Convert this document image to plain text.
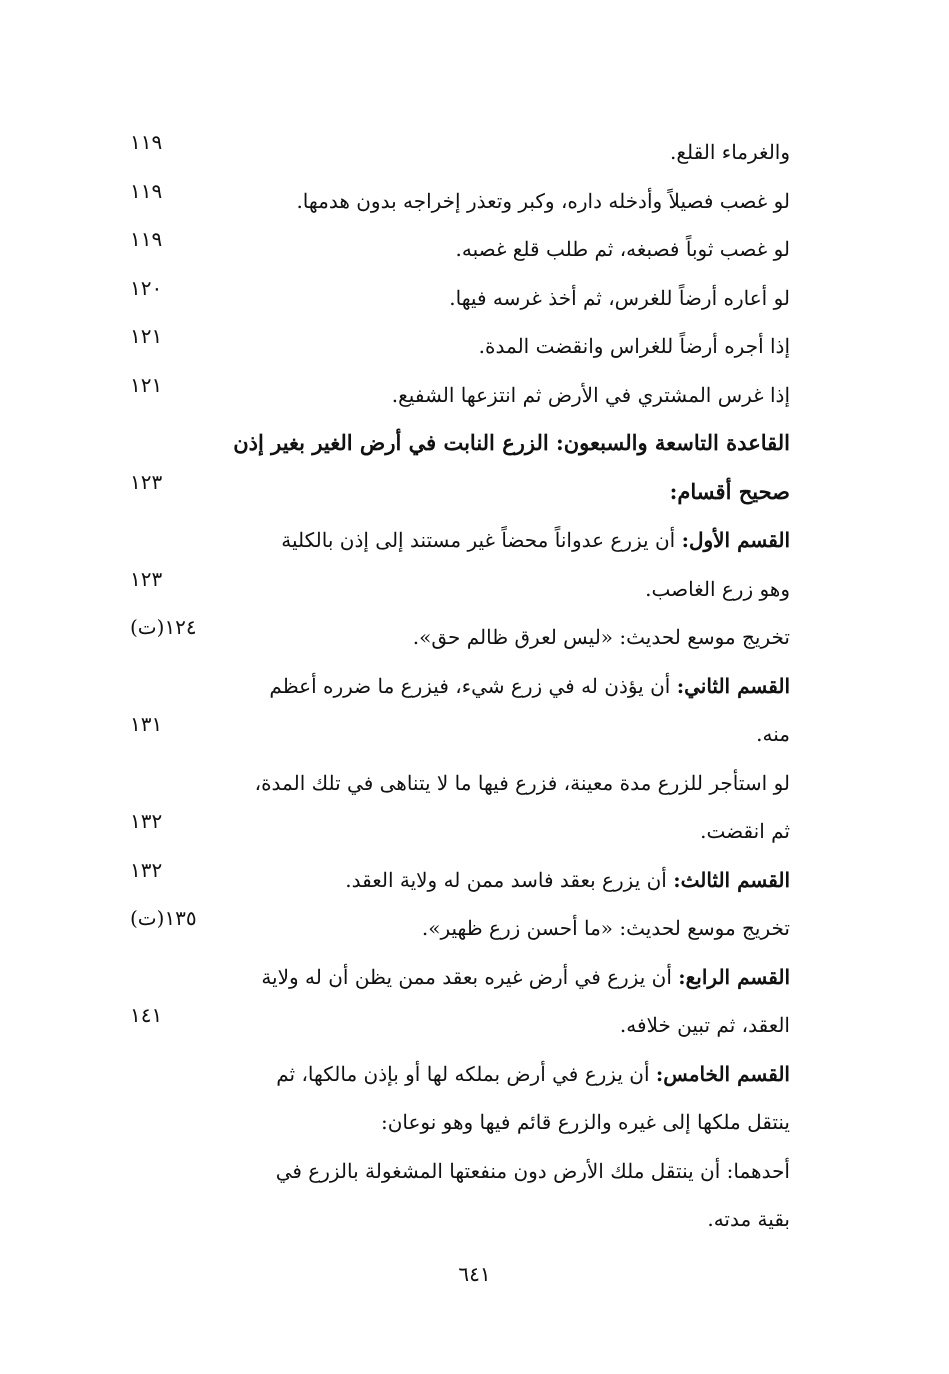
والغرماء القلع.
١١٩
لو غصب فصيلاً وأدخله داره، وكبر وتعذر إخراجه بدون هدمها.
١١٩
لو غصب ثوباً فصبغه، ثم طلب قلع غصبه.
١١٩
لو أعاره أرضاً للغرس، ثم أخذ غرسه فيها.
١٢٠
إذا أجره أرضاً للغراس وانقضت المدة.
١٢١
إذا غرس المشتري في الأرض ثم انتزعها الشفيع.
١٢١
القاعدة التاسعة والسبعون: الزرع النابت في أرض الغير بغير إذن
صحيح أقسام:
١٢٣
القسم الأول: أن يزرع عدواناً محضاً غير مستند إلى إذن بالكلية
وهو زرع الغاصب.
١٢٣
تخريج موسع لحديث: «ليس لعرق ظالم حق».
١٢٤(ت)
القسم الثاني: أن يؤذن له في زرع شيء، فيزرع ما ضرره أعظم
منه.
١٣١
لو استأجر للزرع مدة معينة، فزرع فيها ما لا يتناهى في تلك المدة،
ثم انقضت.
١٣٢
القسم الثالث: أن يزرع بعقد فاسد ممن له ولاية العقد.
١٣٢
تخريج موسع لحديث: «ما أحسن زرع ظهير».
١٣٥(ت)
القسم الرابع: أن يزرع في أرض غيره بعقد ممن يظن أن له ولاية
العقد، ثم تبين خلافه.
١٤١
القسم الخامس: أن يزرع في أرض بملكه لها أو بإذن مالكها، ثم
ينتقل ملكها إلى غيره والزرع قائم فيها وهو نوعان:
أحدهما: أن ينتقل ملك الأرض دون منفعتها المشغولة بالزرع في
بقية مدته.
٦٤١
